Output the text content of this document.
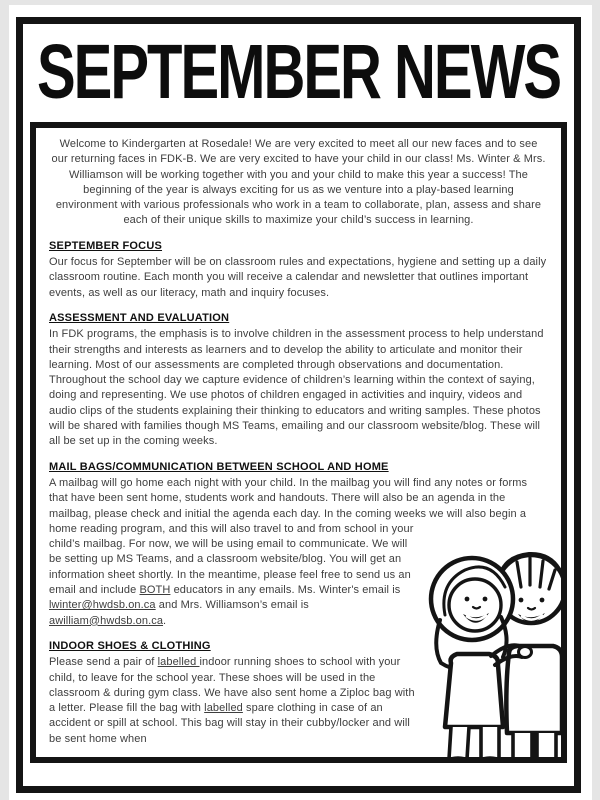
SEPTEMBER NEWS

Welcome to Kindergarten at Rosedale! We are very excited to meet all our new faces and to see our returning faces in FDK-B. We are very excited to have your child in our class! Ms. Winter & Mrs. Williamson will be working together with you and your child to make this year a success! The beginning of the year is always exciting for us as we venture into a play-based learning environment with various professionals who work in a team to collaborate, plan, assess and share each of their unique skills to maximize your child’s success in learning.

SEPTEMBER FOCUS

Our focus for September will be on classroom rules and expectations, hygiene and setting up a daily classroom routine. Each month you will receive a calendar and newsletter that outlines important events, as well as our literacy, math and inquiry focuses.

ASSESSMENT AND EVALUATION

In FDK programs, the emphasis is to involve children in the assessment process to help understand their strengths and interests as learners and to develop the ability to articulate and monitor their learning. Most of our assessments are completed through observations and documentation. Throughout the school day we capture evidence of children’s learning within the context of saying, doing and representing. We use photos of children engaged in activities and inquiry, videos and audio clips of the students explaining their thinking to educators and writing samples. These photos will be shared with families though MS Teams, emailing and our classroom website/blog. These will all be set up in the coming weeks.

MAIL BAGS/COMMUNICATION BETWEEN SCHOOL AND HOME

A mailbag will go home each night with your child. In the mailbag you will find any notes or forms that have been sent home, students work and handouts. There will also be an agenda in the mailbag, please check and initial the agenda each day. In the coming weeks we will
also begin a home reading program, and this will also travel to and from school in your child’s mailbag. For now, we will be using email to communicate. We will be setting up MS Teams, and a classroom website/blog. You will get an information sheet shortly. In the meantime, please feel free to send us an email and include BOTH educators in any emails. Ms. Winter's email is lwinter@hwdsb.on.ca and Mrs. Williamson’s email is awilliam@hwdsb.on.ca.

INDOOR SHOES & CLOTHING

Please send a pair of labelled indoor running shoes to school with your child, to leave for the school year. These shoes will be used in the classroom & during gym class. We have also sent home a Ziploc bag with a letter. Please fill the bag with labelled spare clothing in case of an accident or spill at school. This bag will stay in their cubby/locker and will be sent home when
